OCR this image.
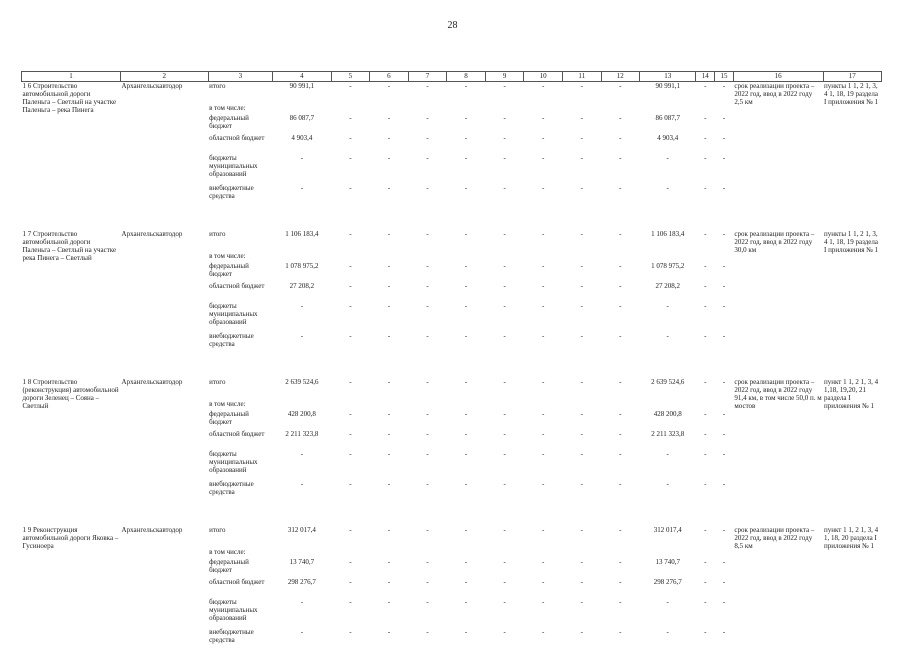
28
1	2	3	4	5	6	7	8	9	10	11	12	13	14	15	16	17
1 6 Строительство автомобильной дороги Паленьга – Светлый на участке Паленьга – река Пинега	Архангельскавтодор	итого	90 991,1	-	-	-	-	-	-	-	-	90 991,1	-	-	срок реализации проекта – 2022 год, ввод в 2022 году 2,5 км	пункты 1 1, 2 1, 3, 4 1, 18, 19 раздела I приложения № 1
		в том числе:														
		федеральный бюджет	86 087,7	-	-	-	-	-	-	-	-	86 087,7	-	-		
		областной бюджет	4 903,4	-	-	-	-	-	-	-	-	4 903,4	-	-		
		бюджеты муниципальных образований	-	-	-	-	-	-	-	-	-	-	-	-		
		внебюджетные средства	-	-	-	-	-	-	-	-	-	-	-	-		

1 7 Строительство автомобильной дороги Паленьга – Светлый на участке река Пинега – Светлый	Архангельскавтодор	итого	1 106 183,4	-	-	-	-	-	-	-	-	1 106 183,4	-	-	срок реализации проекта – 2022 год, ввод в 2022 году 30,0 км	пункты 1 1, 2 1, 3, 4 1, 18, 19 раздела I приложения № 1
		в том числе:														
		федеральный бюджет	1 078 975,2	-	-	-	-	-	-	-	-	1 078 975,2	-	-		
		областной бюджет	27 208,2	-	-	-	-	-	-	-	-	27 208,2	-	-		
		бюджеты муниципальных образований	-	-	-	-	-	-	-	-	-	-	-	-		
		внебюджетные средства	-	-	-	-	-	-	-	-	-	-	-	-		

1 8 Строительство (реконструкция) автомобильной дороги Зеленец – Сояна – Светлый	Архангельскавтодор	итого	2 639 524,6	-	-	-	-	-	-	-	-	2 639 524,6	-	-	срок реализации проекта – 2022 год, ввод в 2022 году 91,4 км, в том числе 50,0 п. м мостов	пункт 1 1, 2 1, 3, 4 1,18, 19,20, 21 раздела I приложения № 1
		в том числе:														
		федеральный бюджет	428 200,8	-	-	-	-	-	-	-	-	428 200,8	-	-		
		областной бюджет	2 211 323,8	-	-	-	-	-	-	-	-	2 211 323,8	-	-		
		бюджеты муниципальных образований	-	-	-	-	-	-	-	-	-	-	-	-		
		внебюджетные средства	-	-	-	-	-	-	-	-	-	-	-	-		

1 9 Реконструкция автомобильной дороги Яковка – Гусиноера	Архангельскавтодор	итого	312 017,4	-	-	-	-	-	-	-	-	312 017,4	-	-	срок реализации проекта – 2022 год, ввод в 2022 году 8,5 км	пункт 1 1, 2 1, 3, 4 1, 18, 20 раздела I приложения № 1
		в том числе:														
		федеральный бюджет	13 740,7	-	-	-	-	-	-	-	-	13 740,7	-	-		
		областной бюджет	298 276,7	-	-	-	-	-	-	-	-	298 276,7	-	-		
		бюджеты муниципальных образований	-	-	-	-	-	-	-	-	-	-	-	-		
		внебюджетные средства	-	-	-	-	-	-	-	-	-	-	-	-		
